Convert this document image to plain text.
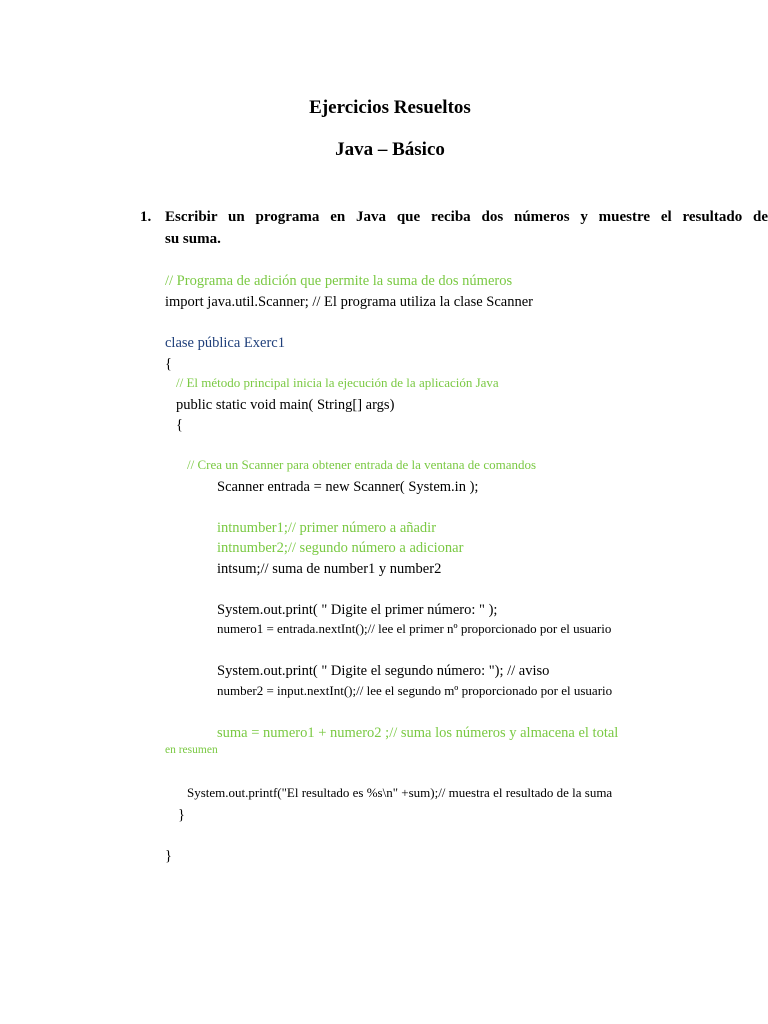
Ejercicios Resueltos
Java – Básico
1. Escribir un programa en Java que reciba dos números y muestre el resultado de
su suma.
// Programa de adición que permite la suma de dos números
import java.util.Scanner; // El programa utiliza la clase Scanner
clase pública Exerc1
{
// El método principal inicia la ejecución de la aplicación Java
public static void main( String[] args)
{
// Crea un Scanner para obtener entrada de la ventana de comandos
Scanner entrada = new Scanner( System.in );
intnumber1;// primer número a añadir
intnumber2;// segundo número a adicionar
intsum;// suma de number1 y number2
System.out.print( " Digite el primer número: " );
numero1 = entrada.nextInt();// lee el primer nº proporcionado por el usuario
System.out.print( " Digite el segundo número: "); // aviso
number2 = input.nextInt();// lee el segundo mº proporcionado por el usuario
suma = numero1 + numero2 ;// suma los números y almacena el total
en resumen
System.out.printf("El resultado es %s\n" +sum);// muestra el resultado de la suma
}
}
